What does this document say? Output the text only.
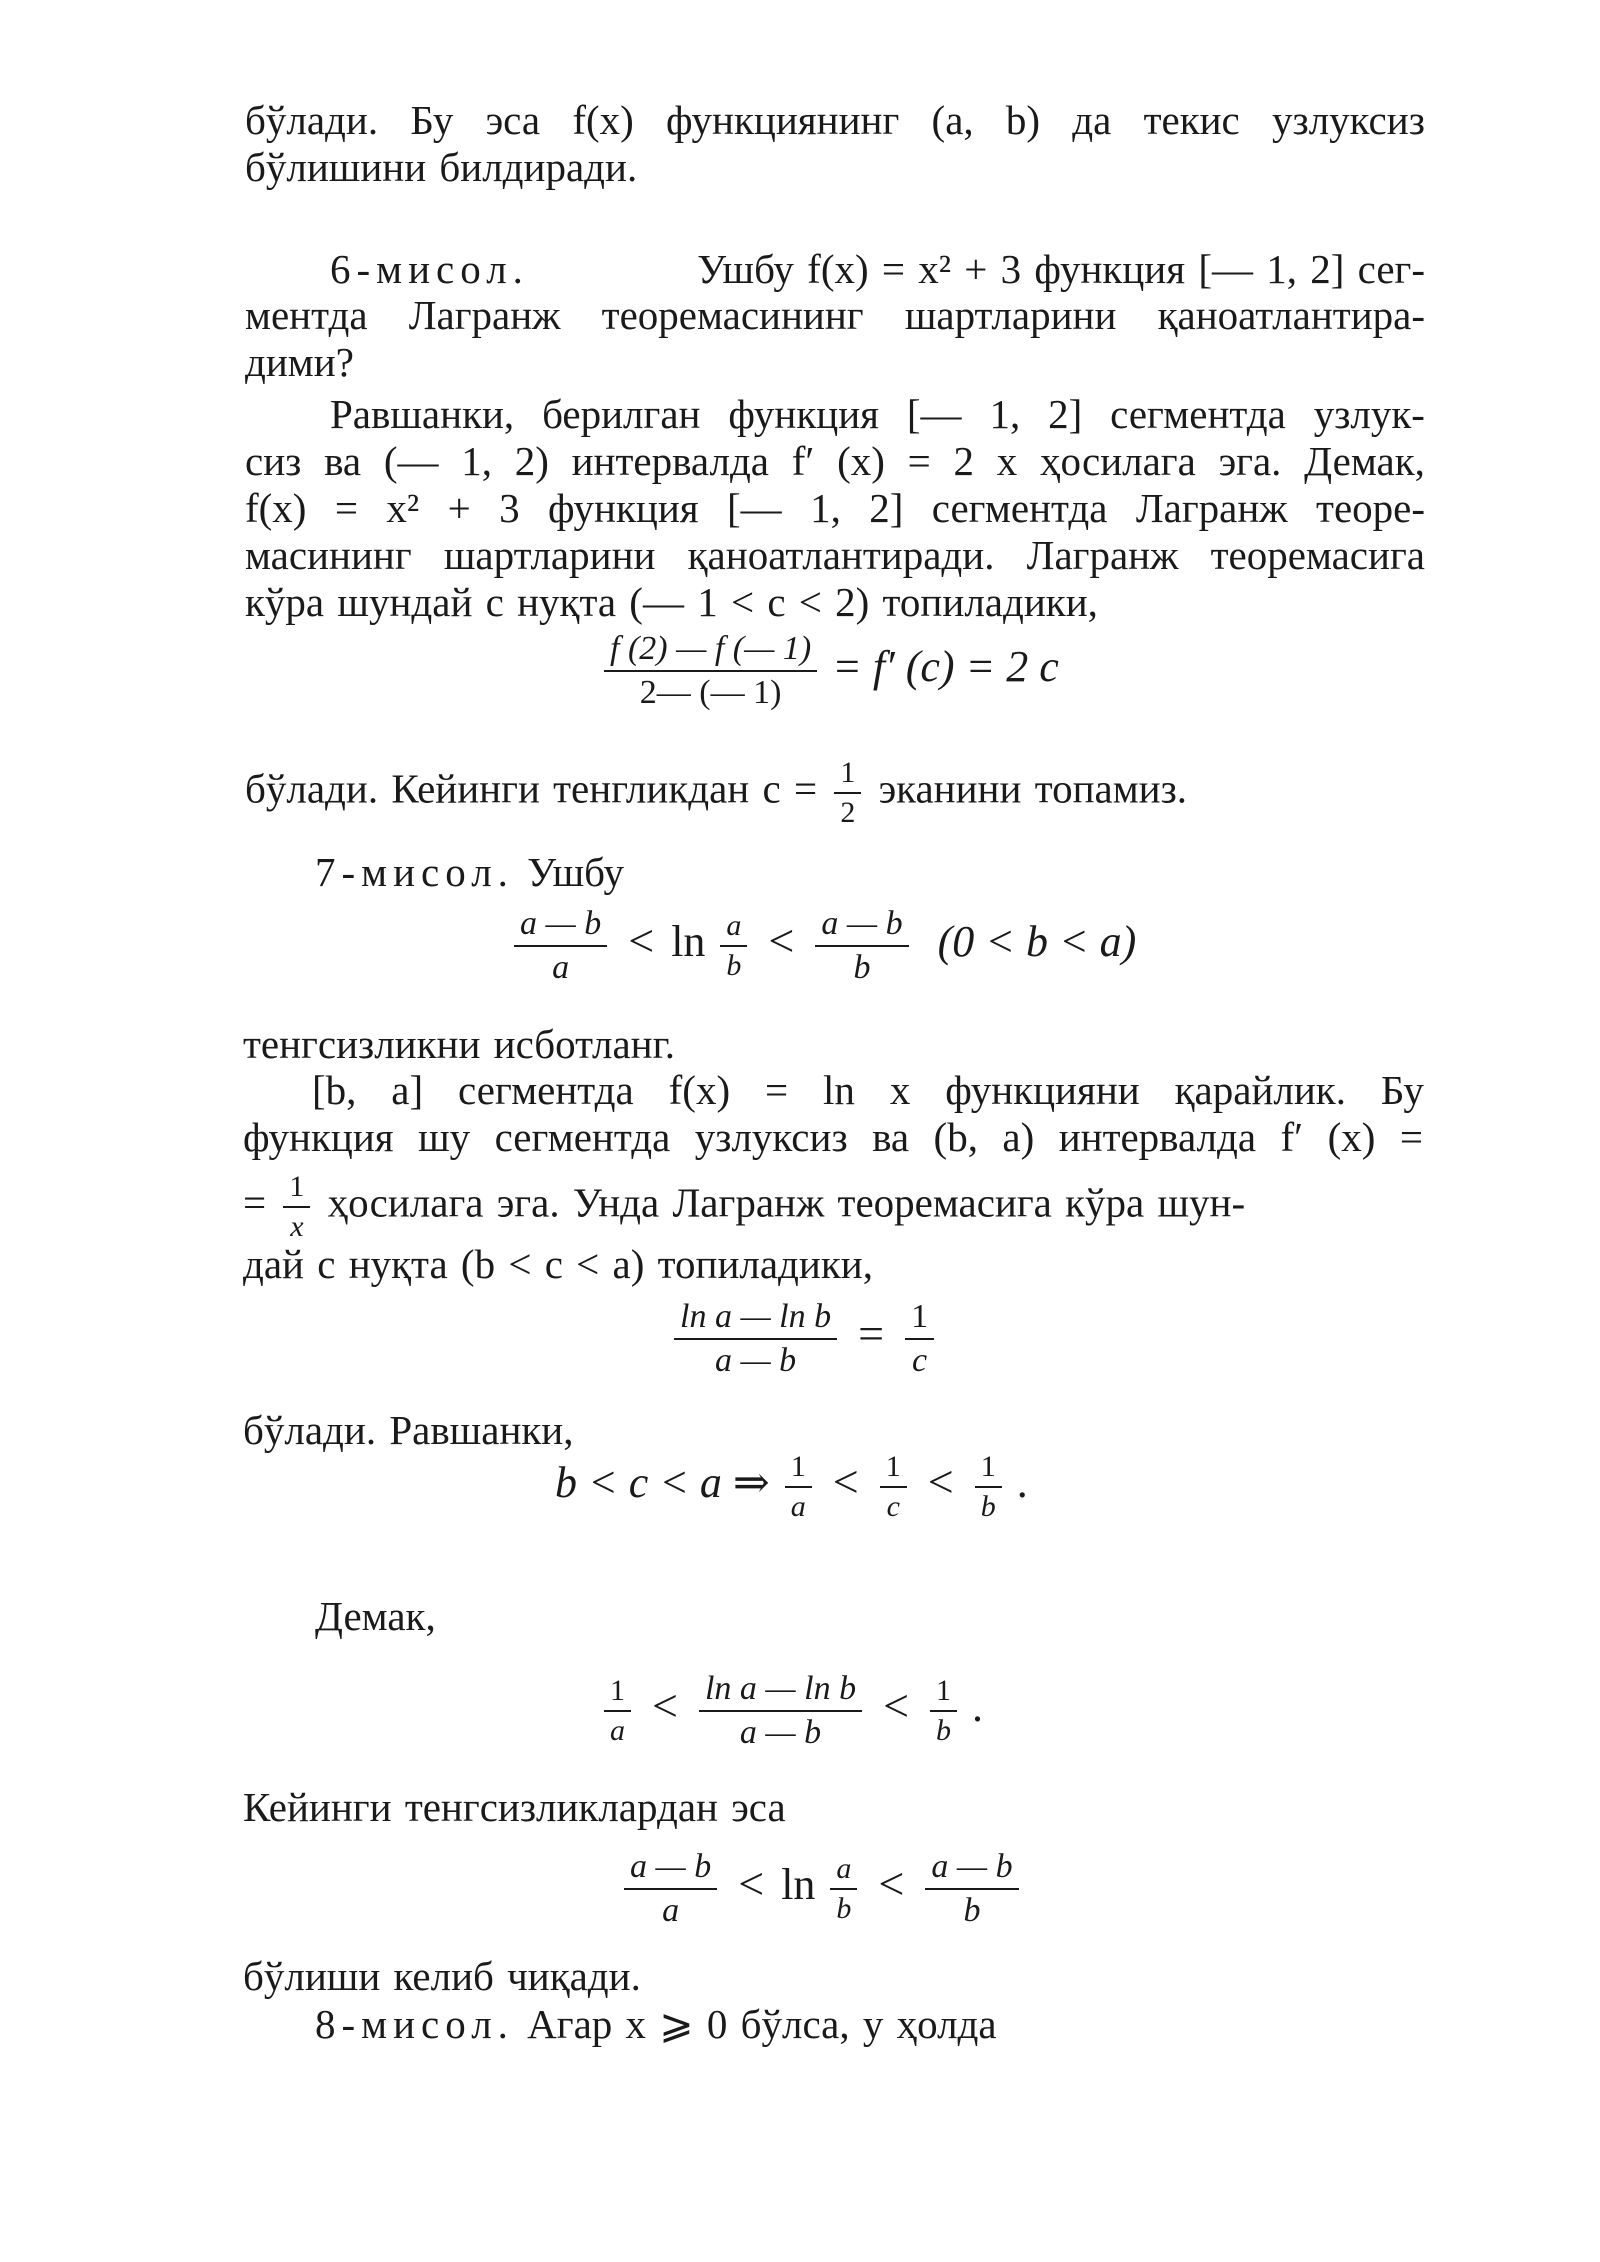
бўлади. Бу эса f(x) функциянинг (a, b) да текис узлуксиз
бўлишини билдиради.
6-мисол.	Ушбу f(x) = x² + 3 функция [— 1, 2] сег-
ментда Лагранж теоремасининг шартларини қаноатлантира-
дими?
Равшанки, берилган функция [— 1, 2] сегментда узлук-
сиз ва (— 1, 2) интервалда f′ (x) = 2 x ҳосилага эга. Демак,
f(x) = x² + 3 функция [— 1, 2] сегментда Лагранж теоре-
масининг шартларини қаноатлантиради. Лагранж теоремасига
кўра шундай c нуқта (— 1 < c < 2) топиладики,
$\frac{f (2) — f (— 1)}{2— (— 1)} = f'$ (c) = 2 c
бўлади. Кейинги тенгликдан $c = \frac{1}{2}$ эканини топамиз.
7-мисол. Ушбу
$\frac{a — b}{a} < \ln \frac{a}{b} < \frac{a — b}{b} (0 < b < a)$
тенгсизликни исботланг.
[b, a] сегментда f(x) = ln x функцияни қарайлик. Бу
функция шу сегментда узлуксиз ва (b, a) интервалда f′ (x) =
= $\frac{1}{x}$ ҳосилага эга. Унда Лагранж теоремасига кўра шун-
дай c нуқта (b < c < a) топиладики,
$\frac{\text{ln a — ln b}}{a — b} = \frac{1}{c}$
бўлади. Равшанки,
b < c < a ⇒ $\frac{1}{a} < \frac{1}{c} < \frac{1}{b}$ .
Демак,
$\frac{1}{a} < \frac{\text{ln a — ln b}}{a — b} < \frac{1}{b}$ .
Кейинги тенгсизликлардан эса
$\frac{a — b}{a} < \ln \frac{a}{b} < \frac{a — b}{b}$
бўлиши келиб чиқади.
8-мисол. Агар x ⩾ 0 бўлса, у ҳолда
